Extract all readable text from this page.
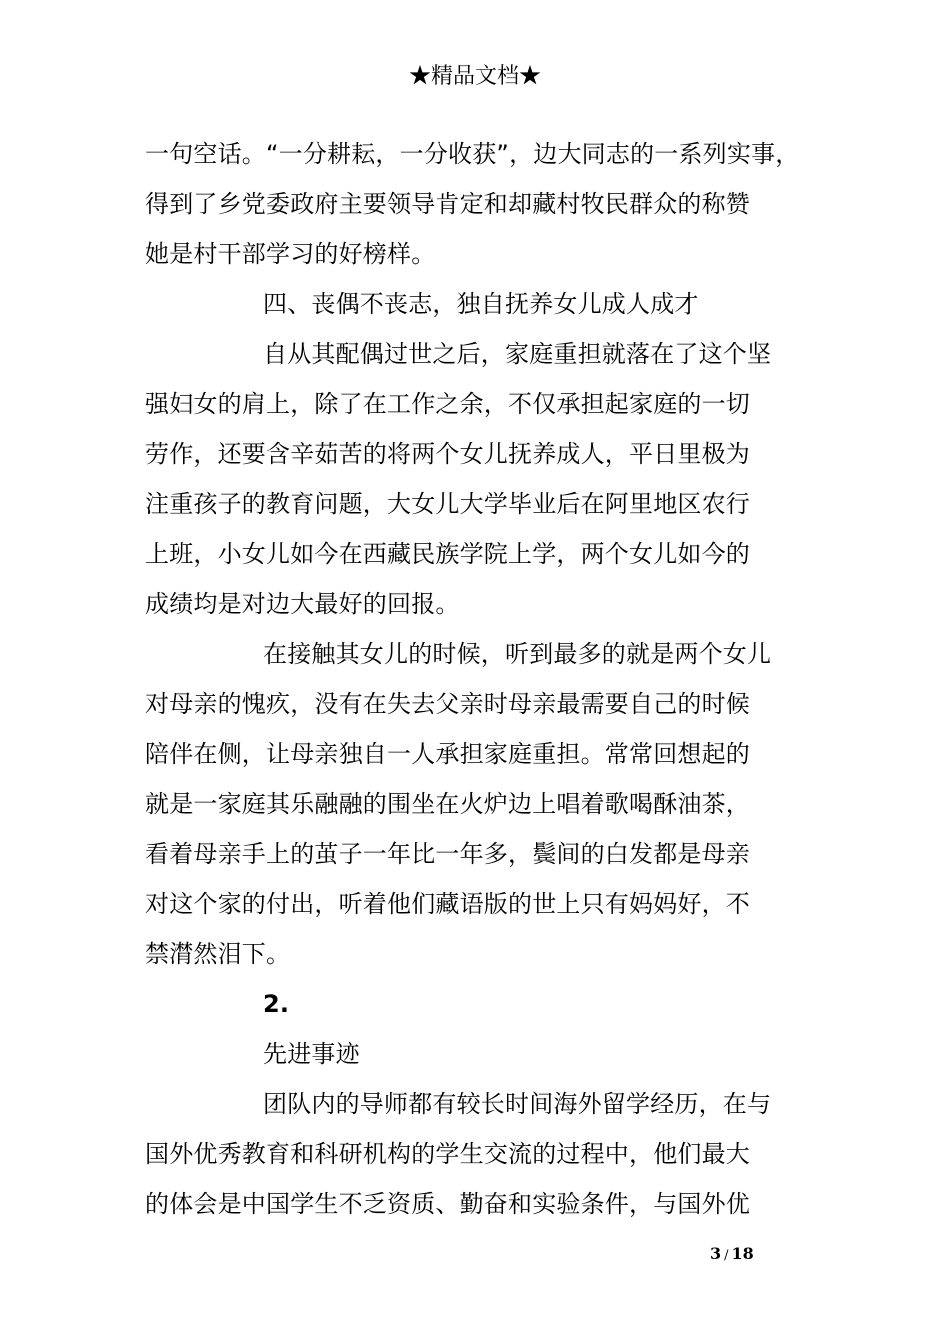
★精品文档★
一句空话。“一分耕耘，一分收获”，边大同志的一系列实事，
得到了乡党委政府主要领导肯定和却藏村牧民群众的称赞
她是村干部学习的好榜样。
四、丧偶不丧志，独自抚养女儿成人成才
自从其配偶过世之后，家庭重担就落在了这个坚
强妇女的肩上，除了在工作之余，不仅承担起家庭的一切
劳作，还要含辛茹苦的将两个女儿抚养成人，平日里极为
注重孩子的教育问题，大女儿大学毕业后在阿里地区农行
上班，小女儿如今在西藏民族学院上学，两个女儿如今的
成绩均是对边大最好的回报。
在接触其女儿的时候，听到最多的就是两个女儿
对母亲的愧疚，没有在失去父亲时母亲最需要自己的时候
陪伴在侧，让母亲独自一人承担家庭重担。常常回想起的
就是一家庭其乐融融的围坐在火炉边上唱着歌喝酥油茶，
看着母亲手上的茧子一年比一年多，鬓间的白发都是母亲
对这个家的付出，听着他们藏语版的世上只有妈妈好，不
禁潸然泪下。
2.
先进事迹
团队内的导师都有较长时间海外留学经历，在与
国外优秀教育和科研机构的学生交流的过程中，他们最大
的体会是中国学生不乏资质、勤奋和实验条件，与国外优
3 / 18
